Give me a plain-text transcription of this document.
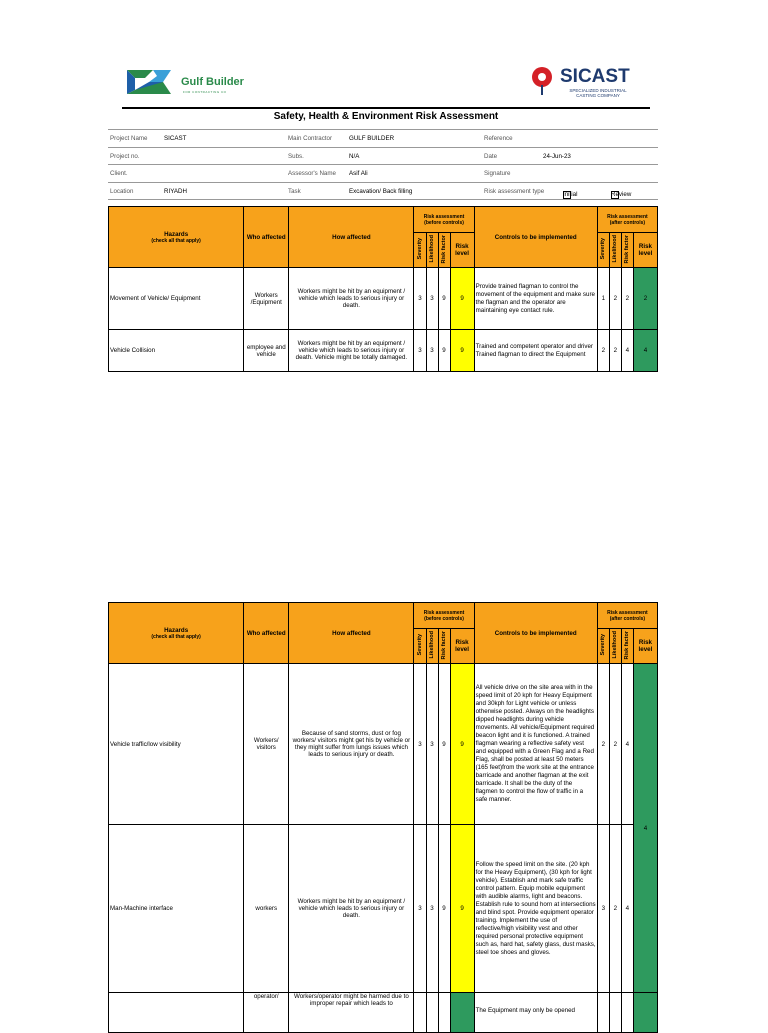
Gulf Builder
FOR CONTRACTING CO
SICAST
SPECIALIZED INDUSTRIAL CASTING COMPANY
Safety, Health & Environment Risk Assessment
Project Name	SICAST	Main Contractor	GULF BUILDER	Reference
Project no.	Subs.	N/A	Date	24-Jun-23
Client.	Assessor's Name Asif Ali	Signature
Location	RIYADH	Task	Excavation/ Back filling	Risk assessment type	Initial	Review
Hazards
(check all that apply)	Who affected	How affected	Risk assessment
(before controls)				Controls to be implemented	Risk assessment
(after controls)			

			Severity	Likelihood	Risk factor	Risk level		Severity	Likelihood	Risk factor	Risk level
Movement of Vehicle/ Equipment	Workers /Equipment	Workers might be hit by an equipment / vehicle which leads to serious injury or death.	3	3	9	9	Provide trained flagman to control the movement of the equipment and make sure the flagman and the operator are maintaining eye contact rule.	1	2	2	2
Vehicle Collision	employee and vehicle	Workers might be hit by an equipment / vehicle which leads to serious injury or death. Vehicle might be totally damaged.	3	3	9	9	Trained and competent operator and driver Trained flagman to direct the Equipment	2	2	4	4
Hazards
(check all that apply)	Who affected	How affected	Risk assessment
(before controls)				Controls to be implemented	Risk assessment
(after controls)			

			Severity	Likelihood	Risk factor	Risk level		Severity	Likelihood	Risk factor	Risk level
Vehicle traffic/low visibility	Workers/ visitors	Because of sand storms, dust or fog workers/ visitors might get his by vehicle or they might suffer from lungs issues which leads to serious injury or death.	3	3	9	9	All vehicle drive on the site area with in the speed limit of 20 kph for Heavy Equipment and 30kph for Light vehicle or unless otherwise posted. Always on the headlights dipped headlights during vehicle movements. All vehicle/Equipment required beacon light and it is functioned. A trained flagman wearing a reflective safety vest and equipped with a Green Flag and a Red Flag, shall be posted at least 50 meters (165 feet)from the work site at the entrance barricade and another flagman at the exit barricade. It shall be the duty of the flagmen to control the flow of traffic in a safe manner.	2	2	4	4
Man-Machine interface	workers	Workers might be hit by an equipment / vehicle which leads to serious injury or death.	3	3	9	9	Follow the speed limit on the site. (20 kph for the Heavy Equipment), (30 kph for light vehicle). Establish and mark safe traffic control pattern. Equip mobile equipment with audible alarms, light and beacons. Establish rule to sound horn at intersections and blind spot. Provide equipment operator training. Implement the use of reflective/high visibility vest and other required personal protective equipment such as, hard hat, safety glass, dust masks, steel toe shoes and gloves.	3	2	4	
	operator/	Workers/operator might be harmed due to improper repair which leads to					The Equipment may only be opened				
